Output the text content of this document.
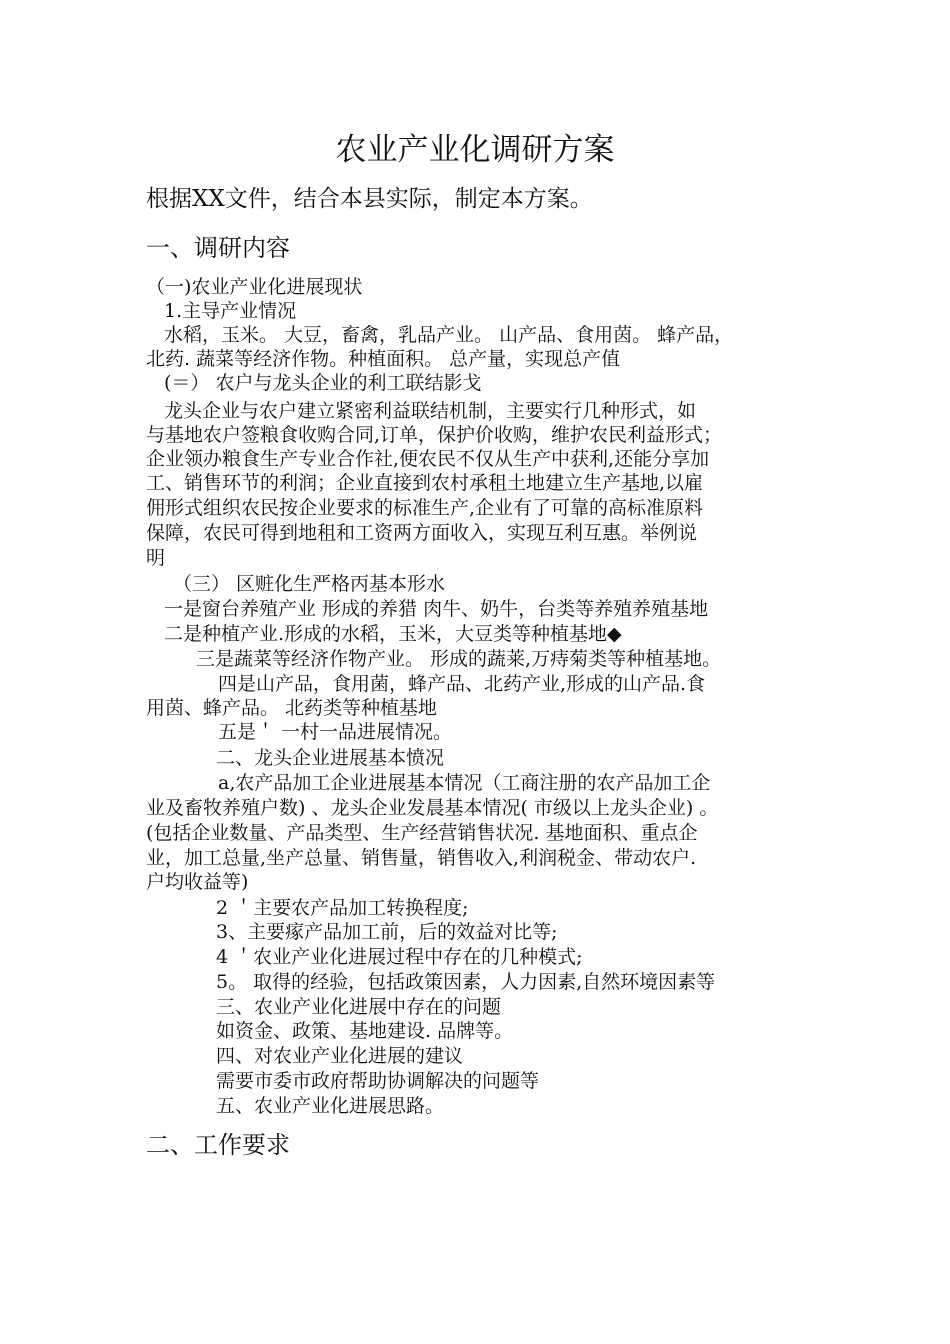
农业产业化调研方案
根据XX文件，结合本县实际，制定本方案。
一、调研内容
（一)农业产业化进展现状
1.主导产业情况
水稻，玉米。 大豆，畜禽，乳品产业。 山产品、食用茵。 蜂产品，
北药. 蔬菜等经济作物。种植面积。 总产量，实现总产值
(＝） 农户与龙头企业的利工联结影戈
龙头企业与农户建立紧密利益联结机制，主要实行几种形式，如
与基地农户签粮食收购合同,订单，保护价收购，维护农民利益形式；
企业领办粮食生产专业合作社,便农民不仅从生产中获利,还能分享加
工、销售环节的利润；企业直接到农村承租土地建立生产基地,以雇
佣形式组织农民按企业要求的标准生产,企业有了可靠的高标准原料
保障，农民可得到地租和工资两方面收入，实现互利互惠。举例说
明
（三） 区赃化生严格丙基本形水
一是窗台养殖产业 形成的养猎 肉牛、奶牛，台类等养殖养殖基地
二是种植产业.形成的水稻，玉米，大豆类等种植基地◆
三是蔬菜等经济作物产业。 形成的蔬莱,万痔菊类等种植基地。
四是山产品，食用菌，蜂产品、北药产业,形成的山产品.食
用茵、蜂产品。 北药类等种植基地
五是＇ 一村一品进展情况。
二、龙头企业进展基本愤况
a,农产品加工企业进展基本情况（工商注册的农产品加工企
业及畜牧养殖户数) 、龙头企业发晨基本情况( 市级以上龙头企业) 。
(包括企业数量、产品类型、生产经营销售状况. 基地面积、重点企
业，加工总量,坐产总量、销售量，销售收入,利润税金、带动农户.
户均收益等)
2 ＇主要农产品加工转换程度;
3、主要瘃产品加工前，后的效益对比等;
4 ＇农业产业化进展过程中存在的几种模式;
5。 取得的经验，包括政策因素，人力因素,自然环境因素等
三、农业产业化进展中存在的问题
如资金、政策、基地建设. 品牌等。
四、对农业产业化进展的建议
需要市委市政府帮助协调解决的问题等
五、农业产业化进展思路。
二、工作要求
